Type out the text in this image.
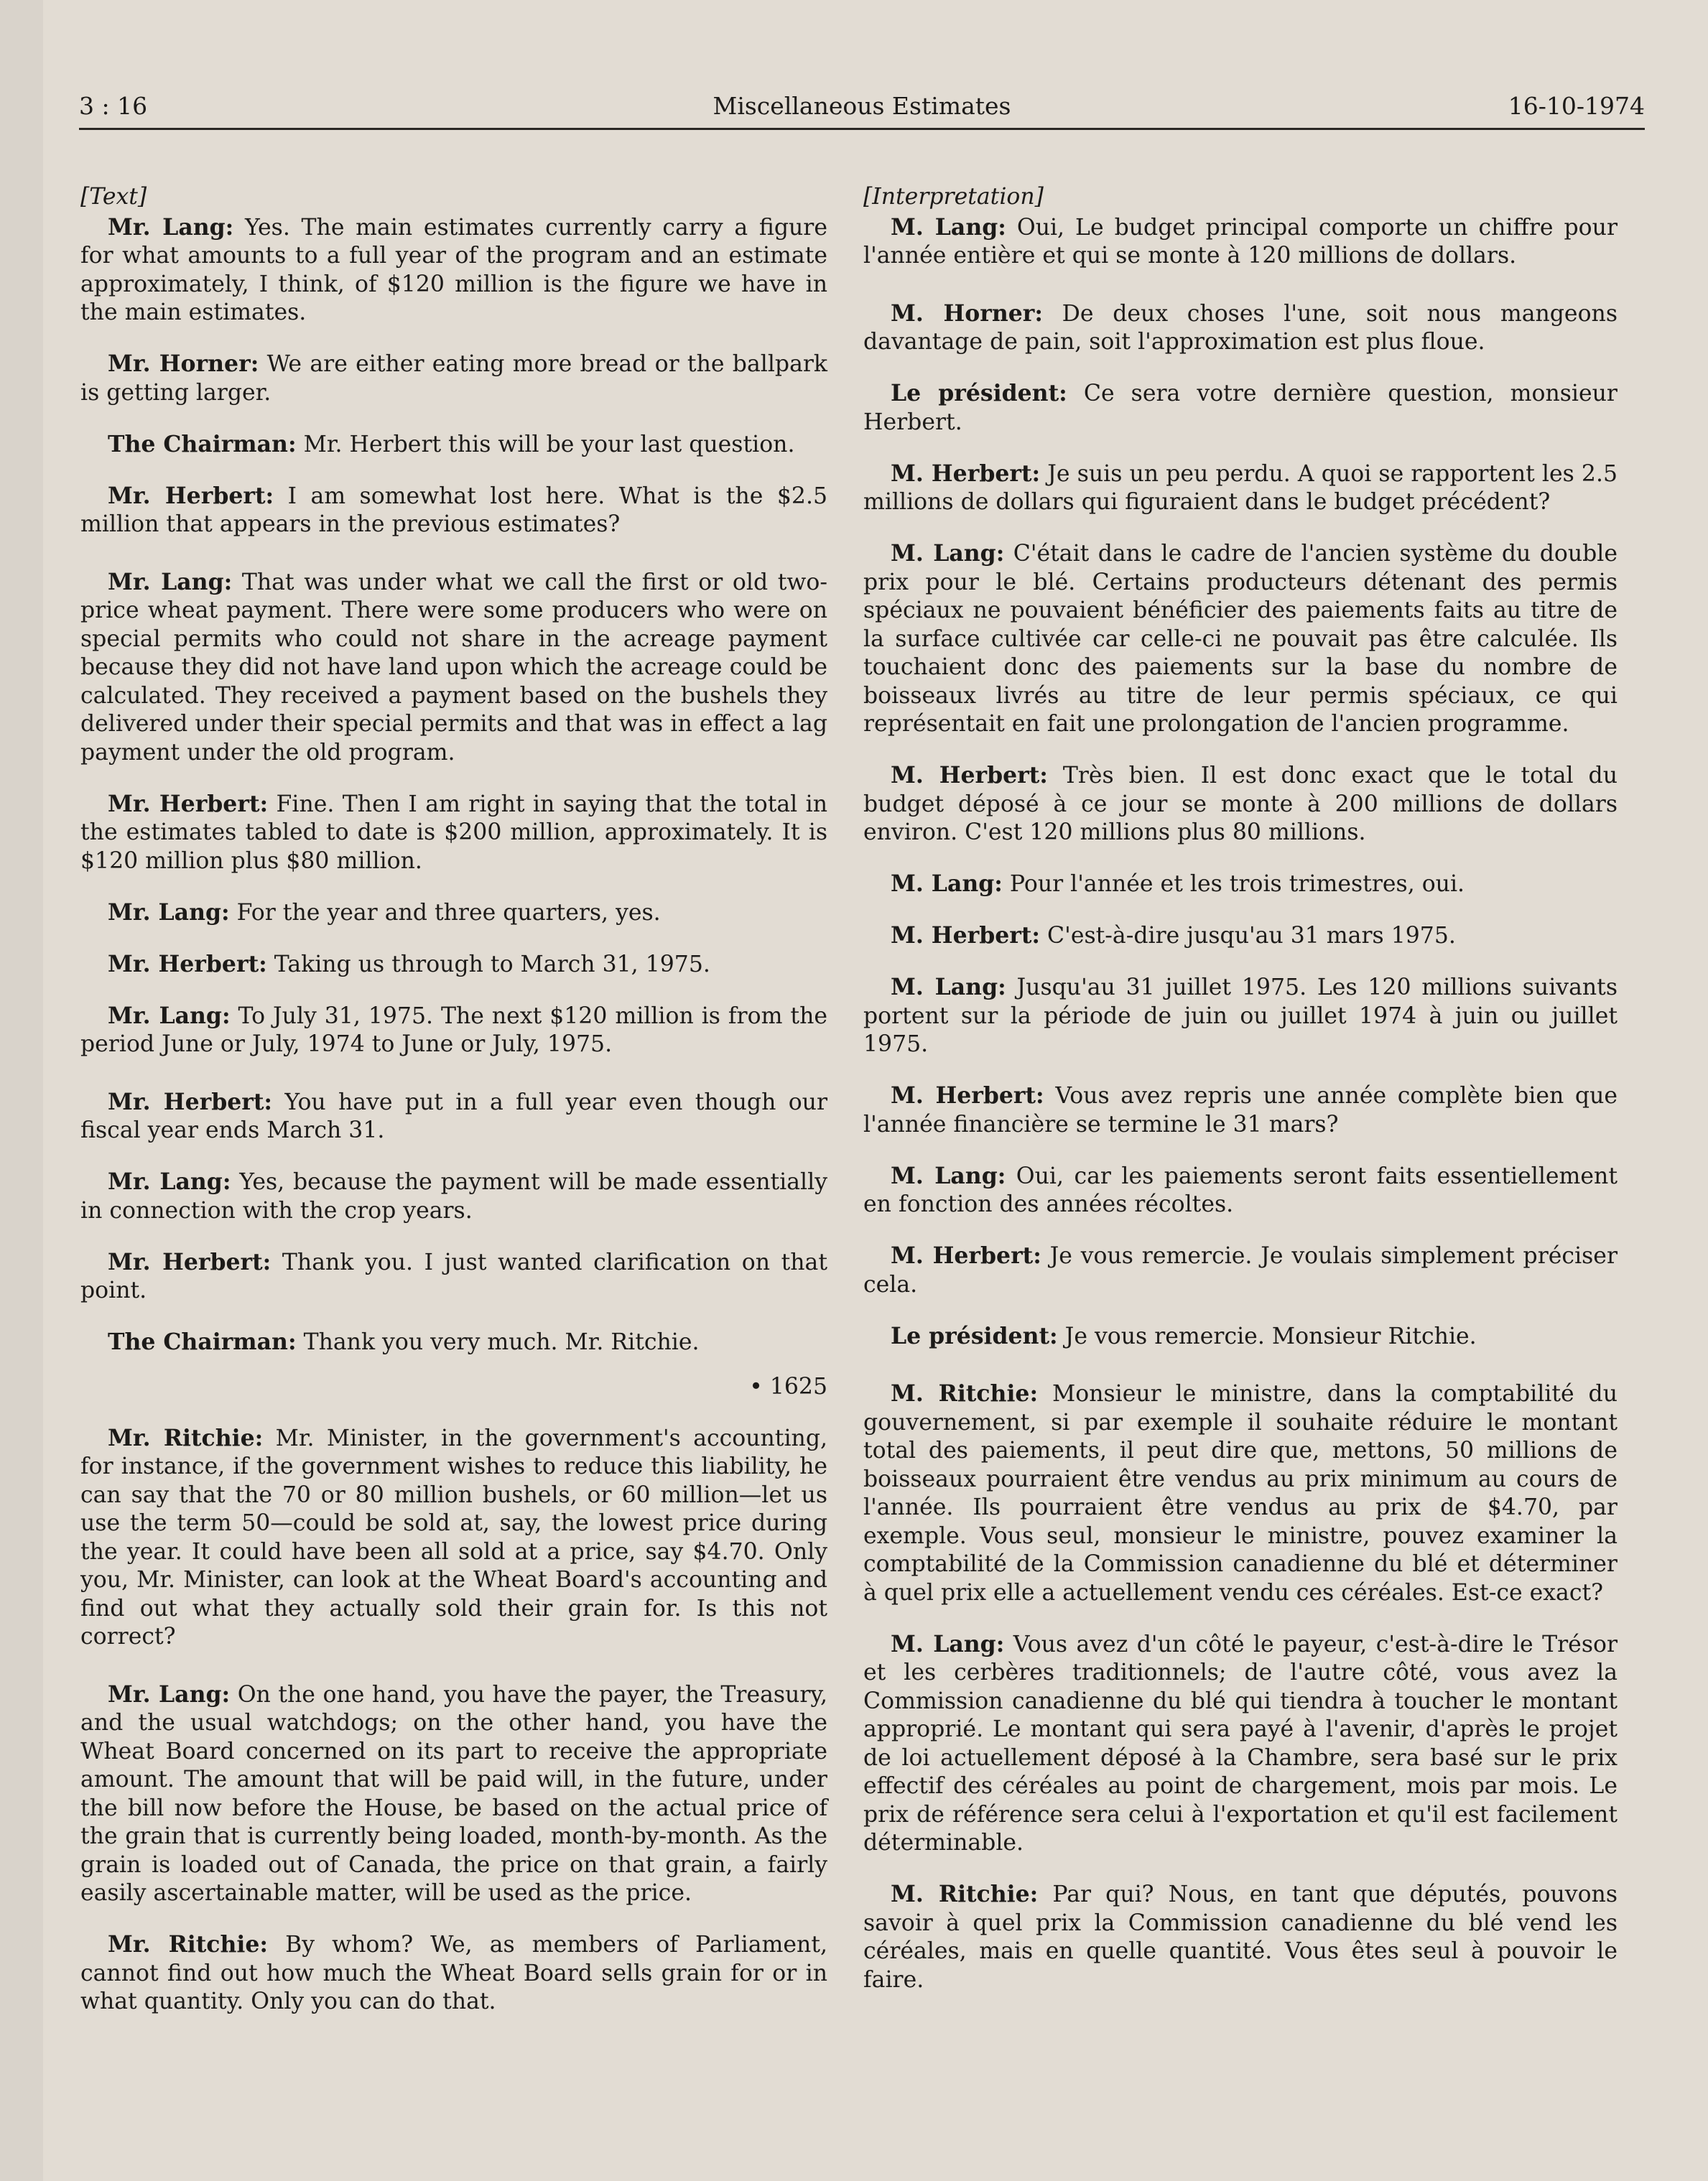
3 : 16	Miscellaneous Estimates	16-10-1974
[Text]

Mr. Lang: Yes. The main estimates currently carry a figure for what amounts to a full year of the program and an estimate approximately, I think, of $120 million is the figure we have in the main estimates.

Mr. Horner: We are either eating more bread or the ballpark is getting larger.

The Chairman: Mr. Herbert this will be your last question.

Mr. Herbert: I am somewhat lost here. What is the $2.5 million that appears in the previous estimates?

Mr. Lang: That was under what we call the first or old two-price wheat payment. There were some producers who were on special permits who could not share in the acreage payment because they did not have land upon which the acreage could be calculated. They received a payment based on the bushels they delivered under their special permits and that was in effect a lag payment under the old program.

Mr. Herbert: Fine. Then I am right in saying that the total in the estimates tabled to date is $200 million, approximately. It is $120 million plus $80 million.

Mr. Lang: For the year and three quarters, yes.

Mr. Herbert: Taking us through to March 31, 1975.

Mr. Lang: To July 31, 1975. The next $120 million is from the period June or July, 1974 to June or July, 1975.

Mr. Herbert: You have put in a full year even though our fiscal year ends March 31.

Mr. Lang: Yes, because the payment will be made essentially in connection with the crop years.

Mr. Herbert: Thank you. I just wanted clarification on that point.

The Chairman: Thank you very much. Mr. Ritchie.

• 1625

Mr. Ritchie: Mr. Minister, in the government's accounting, for instance, if the government wishes to reduce this liability, he can say that the 70 or 80 million bushels, or 60 million—let us use the term 50—could be sold at, say, the lowest price during the year. It could have been all sold at a price, say $4.70. Only you, Mr. Minister, can look at the Wheat Board's accounting and find out what they actually sold their grain for. Is this not correct?

Mr. Lang: On the one hand, you have the payer, the Treasury, and the usual watchdogs; on the other hand, you have the Wheat Board concerned on its part to receive the appropriate amount. The amount that will be paid will, in the future, under the bill now before the House, be based on the actual price of the grain that is currently being loaded, month-by-month. As the grain is loaded out of Canada, the price on that grain, a fairly easily ascertainable matter, will be used as the price.

Mr. Ritchie: By whom? We, as members of Parliament, cannot find out how much the Wheat Board sells grain for or in what quantity. Only you can do that.

[Interpretation]

M. Lang: Oui, Le budget principal comporte un chiffre pour l'année entière et qui se monte à 120 millions de dollars.

M. Horner: De deux choses l'une, soit nous mangeons davantage de pain, soit l'approximation est plus floue.

Le président: Ce sera votre dernière question, monsieur Herbert.

M. Herbert: Je suis un peu perdu. A quoi se rapportent les 2.5 millions de dollars qui figuraient dans le budget précédent?

M. Lang: C'était dans le cadre de l'ancien système du double prix pour le blé. Certains producteurs détenant des permis spéciaux ne pouvaient bénéficier des paiements faits au titre de la surface cultivée car celle-ci ne pouvait pas être calculée. Ils touchaient donc des paiements sur la base du nombre de boisseaux livrés au titre de leur permis spéciaux, ce qui représentait en fait une prolongation de l'ancien programme.

M. Herbert: Très bien. Il est donc exact que le total du budget déposé à ce jour se monte à 200 millions de dollars environ. C'est 120 millions plus 80 millions.

M. Lang: Pour l'année et les trois trimestres, oui.

M. Herbert: C'est-à-dire jusqu'au 31 mars 1975.

M. Lang: Jusqu'au 31 juillet 1975. Les 120 millions suivants portent sur la période de juin ou juillet 1974 à juin ou juillet 1975.

M. Herbert: Vous avez repris une année complète bien que l'année financière se termine le 31 mars?

M. Lang: Oui, car les paiements seront faits essentiellement en fonction des années récoltes.

M. Herbert: Je vous remercie. Je voulais simplement préciser cela.

Le président: Je vous remercie. Monsieur Ritchie.

M. Ritchie: Monsieur le ministre, dans la comptabilité du gouvernement, si par exemple il souhaite réduire le montant total des paiements, il peut dire que, mettons, 50 millions de boisseaux pourraient être vendus au prix minimum au cours de l'année. Ils pourraient être vendus au prix de $4.70, par exemple. Vous seul, monsieur le ministre, pouvez examiner la comptabilité de la Commission canadienne du blé et déterminer à quel prix elle a actuellement vendu ces céréales. Est-ce exact?

M. Lang: Vous avez d'un côté le payeur, c'est-à-dire le Trésor et les cerbères traditionnels; de l'autre côté, vous avez la Commission canadienne du blé qui tiendra à toucher le montant approprié. Le montant qui sera payé à l'avenir, d'après le projet de loi actuellement déposé à la Chambre, sera basé sur le prix effectif des céréales au point de chargement, mois par mois. Le prix de référence sera celui à l'exportation et qu'il est facilement déterminable.

M. Ritchie: Par qui? Nous, en tant que députés, pouvons savoir à quel prix la Commission canadienne du blé vend les céréales, mais en quelle quantité. Vous êtes seul à pouvoir le faire.
